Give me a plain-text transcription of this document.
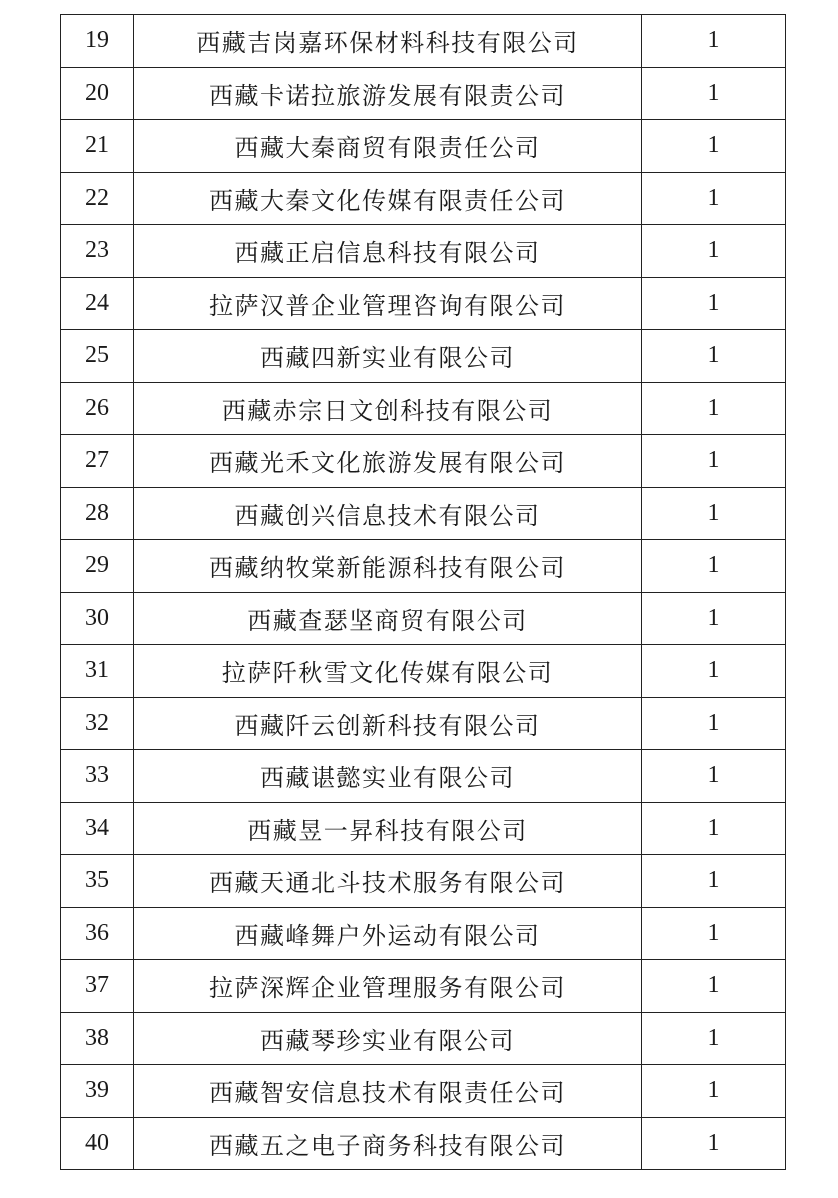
19	西藏吉岗嘉环保材料科技有限公司	1
20	西藏卡诺拉旅游发展有限责公司	1
21	西藏大秦商贸有限责任公司	1
22	西藏大秦文化传媒有限责任公司	1
23	西藏正启信息科技有限公司	1
24	拉萨汉普企业管理咨询有限公司	1
25	西藏四新实业有限公司	1
26	西藏赤宗日文创科技有限公司	1
27	西藏光禾文化旅游发展有限公司	1
28	西藏创兴信息技术有限公司	1
29	西藏纳牧棠新能源科技有限公司	1
30	西藏查瑟坚商贸有限公司	1
31	拉萨阡秋雪文化传媒有限公司	1
32	西藏阡云创新科技有限公司	1
33	西藏谌懿实业有限公司	1
34	西藏昱一昇科技有限公司	1
35	西藏天通北斗技术服务有限公司	1
36	西藏峰舞户外运动有限公司	1
37	拉萨深辉企业管理服务有限公司	1
38	西藏琴珍实业有限公司	1
39	西藏智安信息技术有限责任公司	1
40	西藏五之电子商务科技有限公司	1
